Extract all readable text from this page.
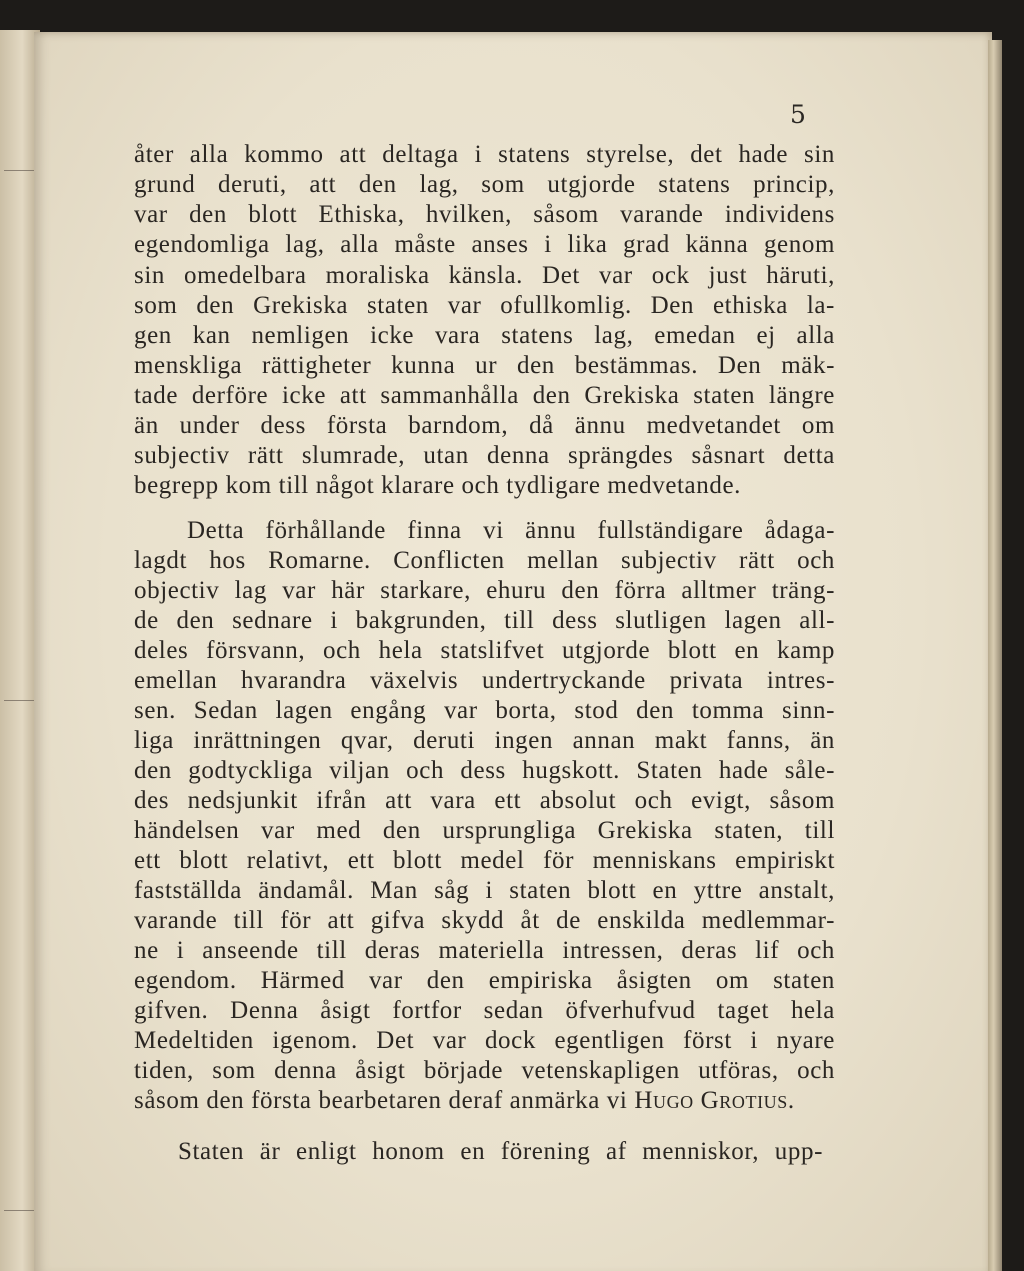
5
åter alla kommo att deltaga i statens styrelse, det hade sin
grund deruti, att den lag, som utgjorde statens princip,
var den blott Ethiska, hvilken, såsom varande individens
egendomliga lag, alla måste anses i lika grad känna genom
sin omedelbara moraliska känsla. Det var ock just häruti,
som den Grekiska staten var ofullkomlig. Den ethiska la-
gen kan nemligen icke vara statens lag, emedan ej alla
menskliga rättigheter kunna ur den bestämmas. Den mäk-
tade derföre icke att sammanhålla den Grekiska staten längre
än under dess första barndom, då ännu medvetandet om
subjectiv rätt slumrade, utan denna sprängdes såsnart detta
begrepp kom till något klarare och tydligare medvetande.
Detta förhållande finna vi ännu fullständigare ådaga-
lagdt hos Romarne. Conflicten mellan subjectiv rätt och
objectiv lag var här starkare, ehuru den förra alltmer träng-
de den sednare i bakgrunden, till dess slutligen lagen all-
deles försvann, och hela statslifvet utgjorde blott en kamp
emellan hvarandra växelvis undertryckande privata intres-
sen. Sedan lagen engång var borta, stod den tomma sinn-
liga inrättningen qvar, deruti ingen annan makt fanns, än
den godtyckliga viljan och dess hugskott. Staten hade såle-
des nedsjunkit ifrån att vara ett absolut och evigt, såsom
händelsen var med den ursprungliga Grekiska staten, till
ett blott relativt, ett blott medel för menniskans empiriskt
fastställda ändamål. Man såg i staten blott en yttre anstalt,
varande till för att gifva skydd åt de enskilda medlemmar-
ne i anseende till deras materiella intressen, deras lif och
egendom. Härmed var den empiriska åsigten om staten
gifven. Denna åsigt fortfor sedan öfverhufvud taget hela
Medeltiden igenom. Det var dock egentligen först i nyare
tiden, som denna åsigt började vetenskapligen utföras, och
såsom den första bearbetaren deraf anmärka vi Hugo Grotius.
Staten är enligt honom en förening af menniskor, upp-
